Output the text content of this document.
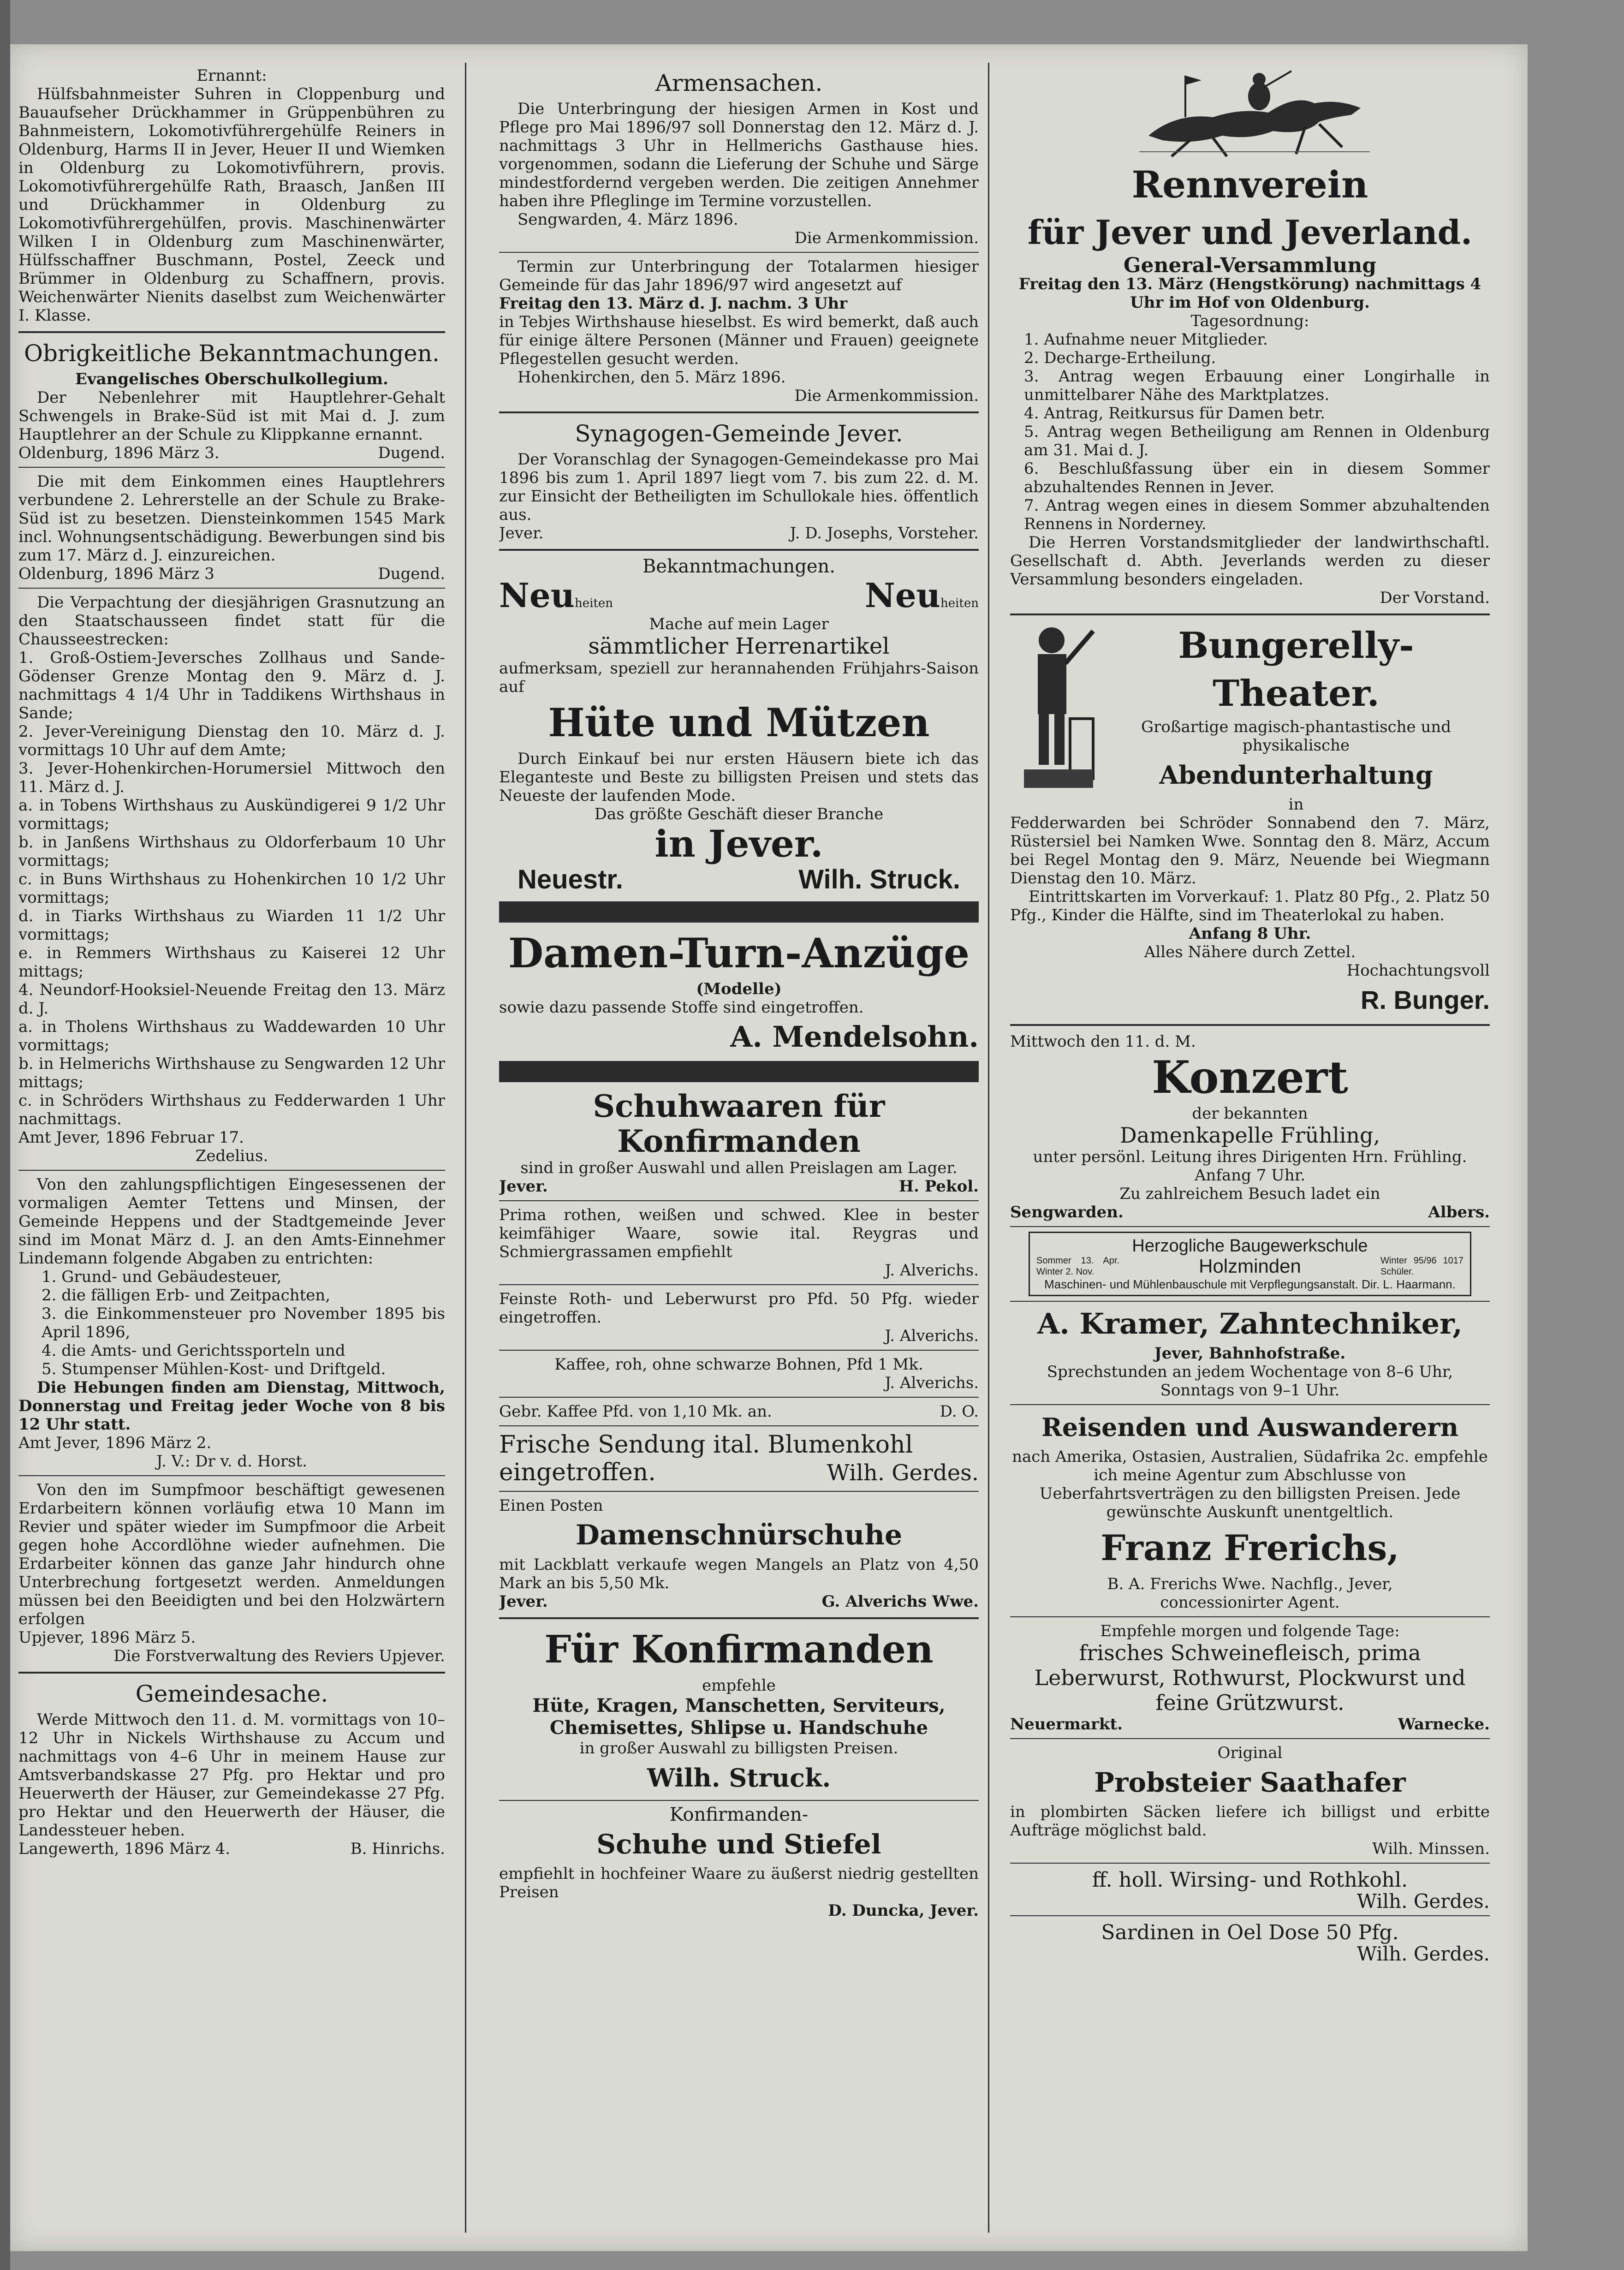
Ernannt:

Hülfsbahnmeister Suhren in Cloppenburg und Bauaufseher Drückhammer in Grüppenbühren zu Bahnmeistern, Lokomotivführergehülfe Reiners in Oldenburg, Harms II in Jever, Heuer II und Wiemken in Oldenburg zu Lokomotivführern, provis. Lokomotivführergehülfe Rath, Braasch, Janßen III und Drückhammer in Oldenburg zu Lokomotivführergehülfen, provis. Maschinenwärter Wilken I in Oldenburg zum Maschinenwärter, Hülfsschaffner Buschmann, Postel, Zeeck und Brümmer in Oldenburg zu Schaffnern, provis. Weichenwärter Nienits daselbst zum Weichenwärter I. Klasse.

Obrigkeitliche Bekanntmachungen.

Evangelisches Oberschulkollegium.

Der Nebenlehrer mit Hauptlehrer-Gehalt Schwengels in Brake-Süd ist mit Mai d. J. zum Hauptlehrer an der Schule zu Klippkanne ernannt.

Oldenburg, 1896 März 3.	Dugend.

Die mit dem Einkommen eines Hauptlehrers verbundene 2. Lehrerstelle an der Schule zu Brake-Süd ist zu besetzen. Diensteinkommen 1545 Mark incl. Wohnungsentschädigung. Bewerbungen sind bis zum 17. März d. J. einzureichen.

Oldenburg, 1896 März 3	Dugend.

Die Verpachtung der diesjährigen Grasnutzung an den Staatschausseen findet statt für die Chausseestrecken:

1. Groß-Ostiem-Jeversches Zollhaus und Sande-Gödenser Grenze Montag den 9. März d. J. nachmittags 4 1/4 Uhr in Taddikens Wirthshaus in Sande;

2. Jever-Vereinigung Dienstag den 10. März d. J. vormittags 10 Uhr auf dem Amte;

3. Jever-Hohenkirchen-Horumersiel Mittwoch den 11. März d. J.

a. in Tobens Wirthshaus zu Auskündigerei 9 1/2 Uhr vormittags;

b. in Janßens Wirthshaus zu Oldorferbaum 10 Uhr vormittags;

c. in Buns Wirthshaus zu Hohenkirchen 10 1/2 Uhr vormittags;

d. in Tiarks Wirthshaus zu Wiarden 11 1/2 Uhr vormittags;

e. in Remmers Wirthshaus zu Kaiserei 12 Uhr mittags;

4. Neundorf-Hooksiel-Neuende Freitag den 13. März d. J.

a. in Tholens Wirthshaus zu Waddewarden 10 Uhr vormittags;

b. in Helmerichs Wirthshause zu Sengwarden 12 Uhr mittags;

c. in Schröders Wirthshaus zu Fedderwarden 1 Uhr nachmittags.

Amt Jever, 1896 Februar 17.

Zedelius.

Von den zahlungspflichtigen Eingesessenen der vormaligen Aemter Tettens und Minsen, der Gemeinde Heppens und der Stadtgemeinde Jever sind im Monat März d. J. an den Amts-Einnehmer Lindemann folgende Abgaben zu entrichten:

1. Grund- und Gebäudesteuer,

2. die fälligen Erb- und Zeitpachten,

3. die Einkommensteuer pro November 1895 bis April 1896,

4. die Amts- und Gerichtssporteln und

5. Stumpenser Mühlen-Kost- und Driftgeld.

Die Hebungen finden am Dienstag, Mittwoch, Donnerstag und Freitag jeder Woche von 8 bis 12 Uhr statt.

Amt Jever, 1896 März 2.

J. V.: Dr v. d. Horst.

Von den im Sumpfmoor beschäftigt gewesenen Erdarbeitern können vorläufig etwa 10 Mann im Revier und später wieder im Sumpfmoor die Arbeit gegen hohe Accordlöhne wieder aufnehmen. Die Erdarbeiter können das ganze Jahr hindurch ohne Unterbrechung fortgesetzt werden. Anmeldungen müssen bei den Beeidigten und bei den Holzwärtern erfolgen

Upjever, 1896 März 5.

Die Forstverwaltung des Reviers Upjever.

Gemeindesache.

Werde Mittwoch den 11. d. M. vormittags von 10–12 Uhr in Nickels Wirthshause zu Accum und nachmittags von 4–6 Uhr in meinem Hause zur Amtsverbandskasse 27 Pfg. pro Hektar und pro Heuerwerth der Häuser, zur Gemeindekasse 27 Pfg. pro Hektar und den Heuerwerth der Häuser, die Landessteuer heben.

Langewerth, 1896 März 4.	B. Hinrichs.

Armensachen.

Die Unterbringung der hiesigen Armen in Kost und Pflege pro Mai 1896/97 soll Donnerstag den 12. März d. J. nachmittags 3 Uhr in Hellmerichs Gasthause hies. vorgenommen, sodann die Lieferung der Schuhe und Särge mindestfordernd vergeben werden. Die zeitigen Annehmer haben ihre Pfleglinge im Termine vorzustellen.

Sengwarden, 4. März 1896.

Die Armenkommission.

Termin zur Unterbringung der Totalarmen hiesiger Gemeinde für das Jahr 1896/97 wird angesetzt auf

Freitag den 13. März d. J. nachm. 3 Uhr

in Tebjes Wirthshause hieselbst. Es wird bemerkt, daß auch für einige ältere Personen (Männer und Frauen) geeignete Pflegestellen gesucht werden.

Hohenkirchen, den 5. März 1896.

Die Armenkommission.

Synagogen-Gemeinde Jever.

Der Voranschlag der Synagogen-Gemeindekasse pro Mai 1896 bis zum 1. April 1897 liegt vom 7. bis zum 22. d. M. zur Einsicht der Betheiligten im Schullokale hies. öffentlich aus.

Jever.	J. D. Josephs, Vorsteher.

Bekanntmachungen.

Neu heiten	Neu heiten

Mache auf mein Lager

sämmtlicher Herrenartikel

aufmerksam, speziell zur herannahenden Frühjahrs-Saison auf

Hüte und Mützen

Durch Einkauf bei nur ersten Häusern biete ich das Eleganteste und Beste zu billigsten Preisen und stets das Neueste der laufenden Mode.

Das größte Geschäft dieser Branche

in Jever.

Neuestr.	Wilh. Struck.

Damen-Turn-Anzüge

(Modelle)

sowie dazu passende Stoffe sind eingetroffen.

A. Mendelsohn.

Schuhwaaren für

Konfirmanden

sind in großer Auswahl und allen Preislagen am Lager.

Jever.	H. Pekol.

Prima rothen, weißen und schwed. Klee in bester keimfähiger Waare, sowie ital. Reygras und Schmiergrassamen empfiehlt

J. Alverichs.

Feinste Roth- und Leberwurst pro Pfd. 50 Pfg. wieder eingetroffen.

J. Alverichs.

Kaffee, roh, ohne schwarze Bohnen, Pfd 1 Mk.

J. Alverichs.

Gebr. Kaffee Pfd. von 1,10 Mk. an.	D. O.

Frische Sendung ital. Blumenkohl

eingetroffen.	Wilh. Gerdes.

Einen Posten

Damenschnürschuhe

mit Lackblatt verkaufe wegen Mangels an Platz von 4,50 Mark an bis 5,50 Mk.

Jever.	G. Alverichs Wwe.

Für Konfirmanden

empfehle

Hüte, Kragen, Manschetten, Serviteurs, Chemisettes, Shlipse u. Handschuhe

in großer Auswahl zu billigsten Preisen.

Wilh. Struck.

Konfirmanden-

Schuhe und Stiefel

empfiehlt in hochfeiner Waare zu äußerst niedrig gestellten Preisen

D. Duncka, Jever.

Rennverein

für Jever und Jeverland.

General-Versammlung

Freitag den 13. März (Hengstkörung) nachmittags 4 Uhr im Hof von Oldenburg.

Tagesordnung:

1. Aufnahme neuer Mitglieder.

2. Decharge-Ertheilung.

3. Antrag wegen Erbauung einer Longirhalle in unmittelbarer Nähe des Marktplatzes.

4. Antrag, Reitkursus für Damen betr.

5. Antrag wegen Betheiligung am Rennen in Oldenburg am 31. Mai d. J.

6. Beschlußfassung über ein in diesem Sommer abzuhaltendes Rennen in Jever.

7. Antrag wegen eines in diesem Sommer abzuhaltenden Rennens in Norderney.

Die Herren Vorstandsmitglieder der landwirthschaftl. Gesellschaft d. Abth. Jeverlands werden zu dieser Versammlung besonders eingeladen.

Der Vorstand.

Bungerelly-

Theater.

Großartige magisch-phantastische und physikalische

Abendunterhaltung

in

Fedderwarden bei Schröder Sonnabend den 7. März, Rüstersiel bei Namken Wwe. Sonntag den 8. März, Accum bei Regel Montag den 9. März, Neuende bei Wiegmann Dienstag den 10. März.

Eintrittskarten im Vorverkauf: 1. Platz 80 Pfg., 2. Platz 50 Pfg., Kinder die Hälfte, sind im Theaterlokal zu haben.

Anfang 8 Uhr.

Alles Nähere durch Zettel.

Hochachtungsvoll

R. Bunger.

Mittwoch den 11. d. M.

Konzert

der bekannten

Damenkapelle Frühling,

unter persönl. Leitung ihres Dirigenten Hrn. Frühling.

Anfang 7 Uhr.

Zu zahlreichem Besuch ladet ein

Sengwarden.	Albers.

Herzogliche Baugewerkschule

Sommer 13. Apr. Winter 2. Nov.	Holzminden	Winter 95/96 1017 Schüler.

Maschinen- und Mühlenbauschule mit Verpflegungsanstalt. Dir. L. Haarmann.

A. Kramer, Zahntechniker,

Jever, Bahnhofstraße.

Sprechstunden an jedem Wochentage von 8–6 Uhr, Sonntags von 9–1 Uhr.

Reisenden und Auswanderern

nach Amerika, Ostasien, Australien, Südafrika 2c. empfehle ich meine Agentur zum Abschlusse von Ueberfahrtsverträgen zu den billigsten Preisen. Jede gewünschte Auskunft unentgeltlich.

Franz Frerichs,

B. A. Frerichs Wwe. Nachflg., Jever,

concessionirter Agent.

Empfehle morgen und folgende Tage:

frisches Schweinefleisch, prima Leberwurst, Rothwurst, Plockwurst und feine Grützwurst.

Neuermarkt.	Warnecke.

Original

Probsteier Saathafer

in plombirten Säcken liefere ich billigst und erbitte Aufträge möglichst bald.

Wilh. Minssen.

ff. holl. Wirsing- und Rothkohl.

Wilh. Gerdes.

Sardinen in Oel Dose 50 Pfg.

Wilh. Gerdes.
